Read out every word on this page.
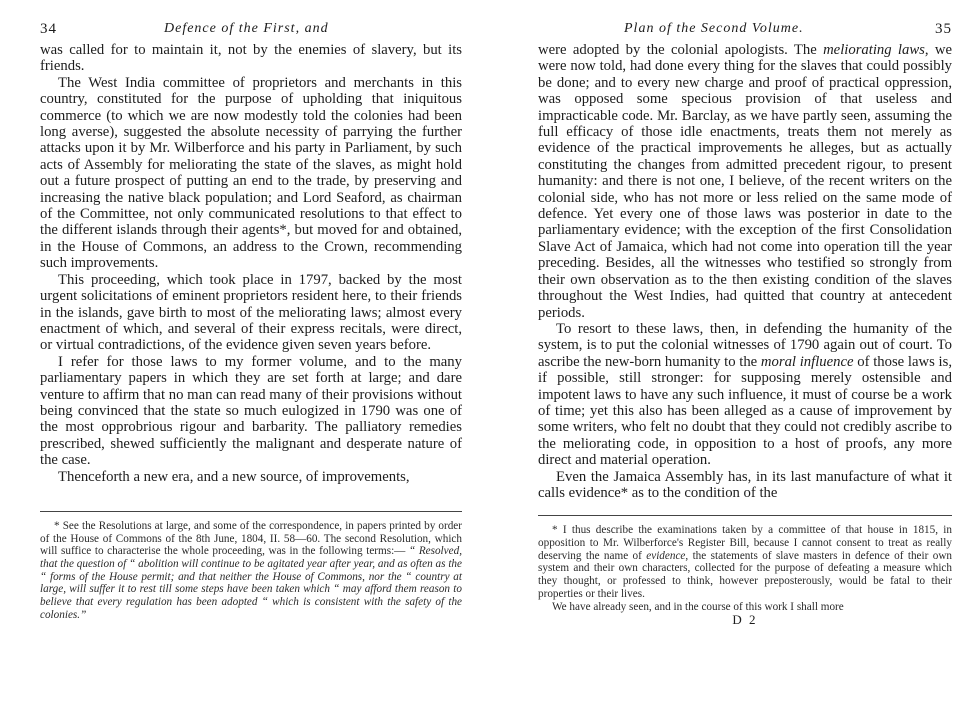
34	Defence of the First, and

was called for to maintain it, not by the enemies of slavery, but its friends.

The West India committee of proprietors and merchants in this country, constituted for the purpose of upholding that iniquitous commerce (to which we are now modestly told the colonies had been long averse), suggested the absolute necessity of parrying the further attacks upon it by Mr. Wilberforce and his party in Parliament, by such acts of Assembly for meliorating the state of the slaves, as might hold out a future prospect of putting an end to the trade, by preserving and increasing the native black population; and Lord Seaford, as chairman of the Committee, not only communicated resolutions to that effect to the different islands through their agents*, but moved for and obtained, in the House of Commons, an address to the Crown, recommending such improvements.

This proceeding, which took place in 1797, backed by the most urgent solicitations of eminent proprietors resident here, to their friends in the islands, gave birth to most of the meliorating laws; almost every enactment of which, and several of their express recitals, were direct, or virtual contradictions, of the evidence given seven years before.

I refer for those laws to my former volume, and to the many parliamentary papers in which they are set forth at large; and dare venture to affirm that no man can read many of their provisions without being convinced that the state so much eulogized in 1790 was one of the most opprobrious rigour and barbarity. The palliatory remedies prescribed, shewed sufficiently the malignant and desperate nature of the case.

Thenceforth a new era, and a new source, of improvements,

* See the Resolutions at large, and some of the correspondence, in papers printed by order of the House of Commons of the 8th June, 1804, II. 58—60. The second Resolution, which will suffice to characterise the whole proceeding, was in the following terms:— “ Resolved, that the question of “ abolition will continue to be agitated year after year, and as often as the “ forms of the House permit; and that neither the House of Commons, nor the “ country at large, will suffer it to rest till some steps have been taken which “ may afford them reason to believe that every regulation has been adopted “ which is consistent with the safety of the colonies.”

Plan of the Second Volume.	35

were adopted by the colonial apologists. The meliorating laws, we were now told, had done every thing for the slaves that could possibly be done; and to every new charge and proof of practical oppression, was opposed some specious provision of that useless and impracticable code. Mr. Barclay, as we have partly seen, assuming the full efficacy of those idle enactments, treats them not merely as evidence of the practical improvements he alleges, but as actually constituting the changes from admitted precedent rigour, to present humanity: and there is not one, I believe, of the recent writers on the colonial side, who has not more or less relied on the same mode of defence. Yet every one of those laws was posterior in date to the parliamentary evidence; with the exception of the first Consolidation Slave Act of Jamaica, which had not come into operation till the year preceding. Besides, all the witnesses who testified so strongly from their own observation as to the then existing condition of the slaves throughout the West Indies, had quitted that country at antecedent periods.

To resort to these laws, then, in defending the humanity of the system, is to put the colonial witnesses of 1790 again out of court. To ascribe the new-born humanity to the moral influence of those laws is, if possible, still stronger: for supposing merely ostensible and impotent laws to have any such influence, it must of course be a work of time; yet this also has been alleged as a cause of improvement by some writers, who felt no doubt that they could not credibly ascribe to the meliorating code, in opposition to a host of proofs, any more direct and material operation.

Even the Jamaica Assembly has, in its last manufacture of what it calls evidence* as to the condition of the

* I thus describe the examinations taken by a committee of that house in 1815, in opposition to Mr. Wilberforce's Register Bill, because I cannot consent to treat as really deserving the name of evidence, the statements of slave masters in defence of their own system and their own characters, collected for the purpose of defeating a measure which they thought, or professed to think, however preposterously, would be fatal to their properties or their lives.

We have already seen, and in the course of this work I shall more

D 2
